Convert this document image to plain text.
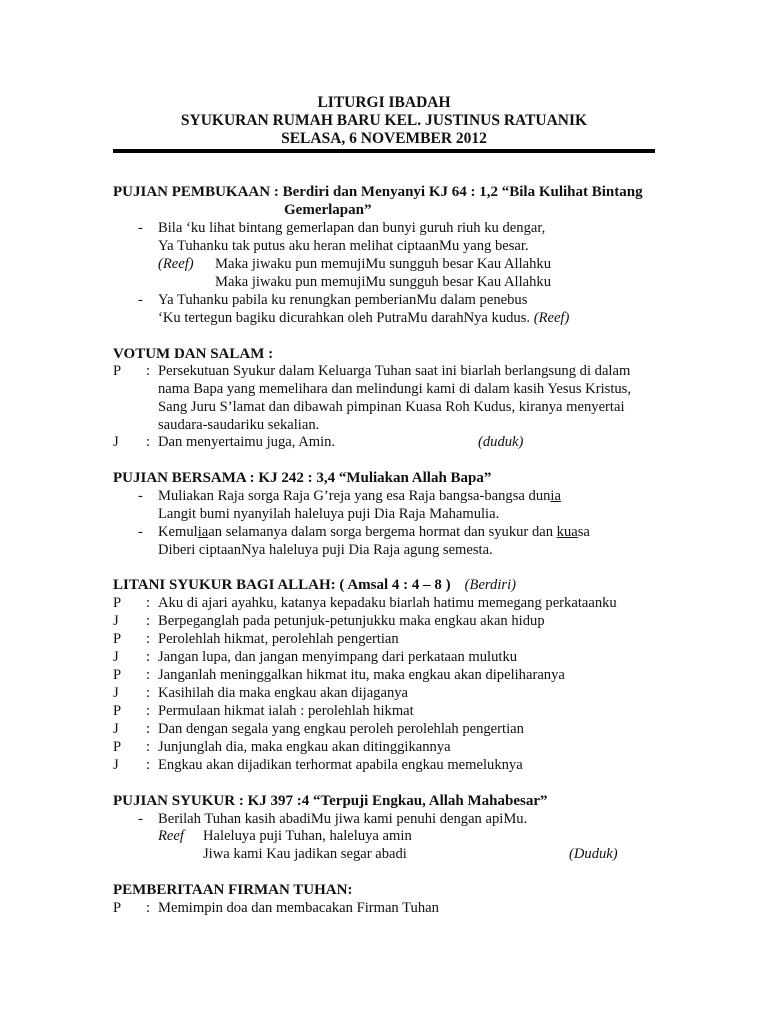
LITURGI IBADAH
SYUKURAN RUMAH BARU KEL. JUSTINUS RATUANIK
SELASA, 6 NOVEMBER 2012
PUJIAN PEMBUKAAN : Berdiri dan Menyanyi KJ 64 : 1,2 “Bila Kulihat Bintang
Gemerlapan”
- Bila ‘ku lihat bintang gemerlapan dan bunyi guruh riuh ku dengar,
Ya Tuhanku tak putus aku heran melihat ciptaanMu yang besar.
(Reef) Maka jiwaku pun memujiMu sungguh besar Kau Allahku
Maka jiwaku pun memujiMu sungguh besar Kau Allahku
- Ya Tuhanku pabila ku renungkan pemberianMu dalam penebus
‘Ku tertegun bagiku dicurahkan oleh PutraMu darahNya kudus. (Reef)
VOTUM DAN SALAM :
P : Persekutuan Syukur dalam Keluarga Tuhan saat ini biarlah berlangsung di dalam
nama Bapa yang memelihara dan melindungi kami di dalam kasih Yesus Kristus,
Sang Juru S’lamat dan dibawah pimpinan Kuasa Roh Kudus, kiranya menyertai
saudara-saudariku sekalian.
J : Dan menyertaimu juga, Amin.	(duduk)
PUJIAN BERSAMA : KJ 242 : 3,4 “Muliakan Allah Bapa”
- Muliakan Raja sorga Raja G’reja yang esa Raja bangsa-bangsa dunia
Langit bumi nyanyilah haleluya puji Dia Raja Mahamulia.
- Kemuliaan selamanya dalam sorga bergema hormat dan syukur dan kuasa
Diberi ciptaanNya haleluya puji Dia Raja agung semesta.
LITANI SYUKUR BAGI ALLAH: ( Amsal 4 : 4 – 8 ) (Berdiri)
P : Aku di ajari ayahku, katanya kepadaku biarlah hatimu memegang perkataanku
J : Berpeganglah pada petunjuk-petunjukku maka engkau akan hidup
P : Perolehlah hikmat, perolehlah pengertian
J : Jangan lupa, dan jangan menyimpang dari perkataan mulutku
P : Janganlah meninggalkan hikmat itu, maka engkau akan dipeliharanya
J : Kasihilah dia maka engkau akan dijaganya
P : Permulaan hikmat ialah : perolehlah hikmat
J : Dan dengan segala yang engkau peroleh perolehlah pengertian
P : Junjunglah dia, maka engkau akan ditinggikannya
J : Engkau akan dijadikan terhormat apabila engkau memeluknya
PUJIAN SYUKUR : KJ 397 :4 “Terpuji Engkau, Allah Mahabesar”
- Berilah Tuhan kasih abadiMu jiwa kami penuhi dengan apiMu.
Reef Haleluya puji Tuhan, haleluya amin
Jiwa kami Kau jadikan segar abadi	(Duduk)
PEMBERITAAN FIRMAN TUHAN:
P : Memimpin doa dan membacakan Firman Tuhan
